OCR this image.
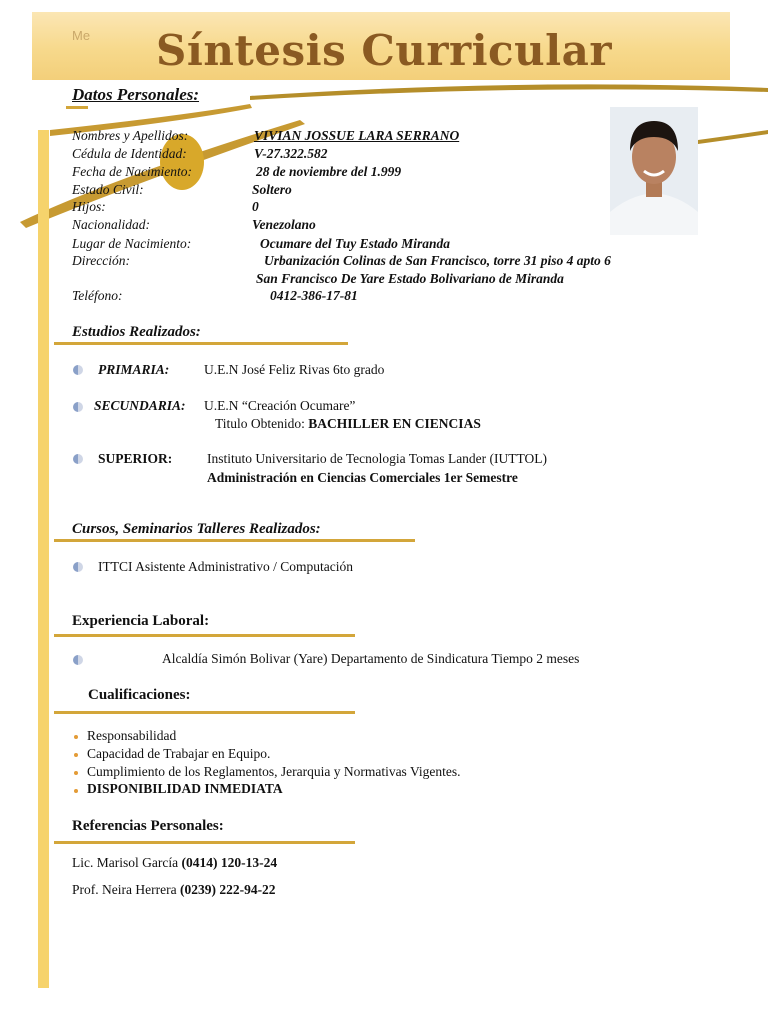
Me	Síntesis Curricular
Datos Personales:
Nombres y Apellidos:	VIVIAN JOSSUE LARA SERRANO
Cédula de Identidad:	V-27.322.582
Fecha de Nacimiento:	28 de noviembre del 1.999
Estado Civil:	Soltero
Hijos:	0
Nacionalidad:	Venezolano
Lugar de Nacimiento:	Ocumare del Tuy Estado Miranda
Dirección:	Urbanización Colinas de San Francisco, torre 31 piso 4 apto 6
San Francisco De Yare Estado Bolivariano de Miranda
Teléfono:	0412-386-17-81
Estudios Realizados:
PRIMARIA:	U.E.N José Feliz Rivas 6to grado
SECUNDARIA: U.E.N “Creación Ocumare”
Titulo Obtenido: BACHILLER EN CIENCIAS
SUPERIOR:	Instituto Universitario de Tecnologia Tomas Lander (IUTTOL)
Administración en Ciencias Comerciales 1er Semestre
Cursos, Seminarios Talleres Realizados:
ITTCI Asistente Administrativo / Computación
Experiencia Laboral:
Alcaldía Simón Bolivar (Yare) Departamento de Sindicatura Tiempo 2 meses
Cualificaciones:
Responsabilidad
Capacidad de Trabajar en Equipo.
Cumplimiento de los Reglamentos, Jerarquia y Normativas Vigentes.
DISPONIBILIDAD INMEDIATA
Referencias Personales:
Lic. Marisol García (0414) 120-13-24
Prof. Neira Herrera (0239) 222-94-22
